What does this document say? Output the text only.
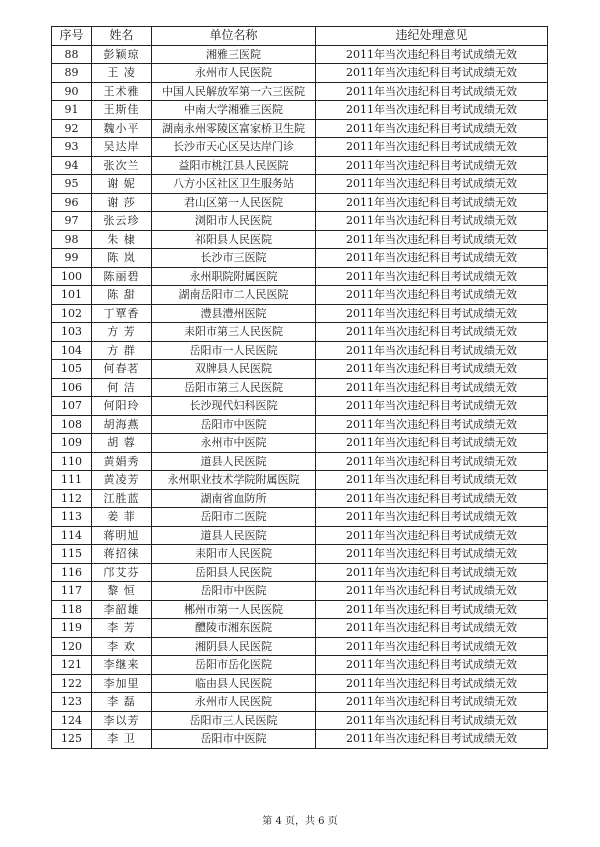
序号	姓名	单位名称	违纪处理意见
88	彭颖琼	湘雅三医院	2011年当次违纪科目考试成绩无效
89	王 凌	永州市人民医院	2011年当次违纪科目考试成绩无效
90	王术雅	中国人民解放军第一六三医院	2011年当次违纪科目考试成绩无效
91	王斯佳	中南大学湘雅三医院	2011年当次违纪科目考试成绩无效
92	魏小平	湖南永州零陵区富家桥卫生院	2011年当次违纪科目考试成绩无效
93	吴达岸	长沙市天心区吴达岸门诊	2011年当次违纪科目考试成绩无效
94	张次兰	益阳市桃江县人民医院	2011年当次违纪科目考试成绩无效
95	谢 妮	八方小区社区卫生服务站	2011年当次违纪科目考试成绩无效
96	谢 莎	君山区第一人民医院	2011年当次违纪科目考试成绩无效
97	张云珍	浏阳市人民医院	2011年当次违纪科目考试成绩无效
98	朱 棣	祁阳县人民医院	2011年当次违纪科目考试成绩无效
99	陈 岚	长沙市三医院	2011年当次违纪科目考试成绩无效
100	陈丽碧	永州职院附属医院	2011年当次违纪科目考试成绩无效
101	陈 甜	湖南岳阳市二人民医院	2011年当次违纪科目考试成绩无效
102	丁覃香	澧县澧州医院	2011年当次违纪科目考试成绩无效
103	方 芳	耒阳市第三人民医院	2011年当次违纪科目考试成绩无效
104	方 群	岳阳市一人民医院	2011年当次违纪科目考试成绩无效
105	何春茗	双牌县人民医院	2011年当次违纪科目考试成绩无效
106	何 洁	岳阳市第三人民医院	2011年当次违纪科目考试成绩无效
107	何阳玲	长沙现代妇科医院	2011年当次违纪科目考试成绩无效
108	胡海燕	岳阳市中医院	2011年当次违纪科目考试成绩无效
109	胡 蓉	永州市中医院	2011年当次违纪科目考试成绩无效
110	黄娟秀	道县人民医院	2011年当次违纪科目考试成绩无效
111	黄凌芳	永州职业技术学院附属医院	2011年当次违纪科目考试成绩无效
112	江胜蓝	湖南省血防所	2011年当次违纪科目考试成绩无效
113	姜 菲	岳阳市二医院	2011年当次违纪科目考试成绩无效
114	蒋明旭	道县人民医院	2011年当次违纪科目考试成绩无效
115	蒋招徕	耒阳市人民医院	2011年当次违纪科目考试成绩无效
116	邝艾芬	岳阳县人民医院	2011年当次违纪科目考试成绩无效
117	黎 恒	岳阳市中医院	2011年当次违纪科目考试成绩无效
118	李韶雄	郴州市第一人民医院	2011年当次违纪科目考试成绩无效
119	李 芳	醴陵市湘东医院	2011年当次违纪科目考试成绩无效
120	李 欢	湘阴县人民医院	2011年当次违纪科目考试成绩无效
121	李继来	岳阳市岳化医院	2011年当次违纪科目考试成绩无效
122	李加里	临由县人民医院	2011年当次违纪科目考试成绩无效
123	李 磊	永州市人民医院	2011年当次违纪科目考试成绩无效
124	李以芳	岳阳市三人民医院	2011年当次违纪科目考试成绩无效
125	李 卫	岳阳市中医院	2011年当次违纪科目考试成绩无效
第 4 页，共 6 页
